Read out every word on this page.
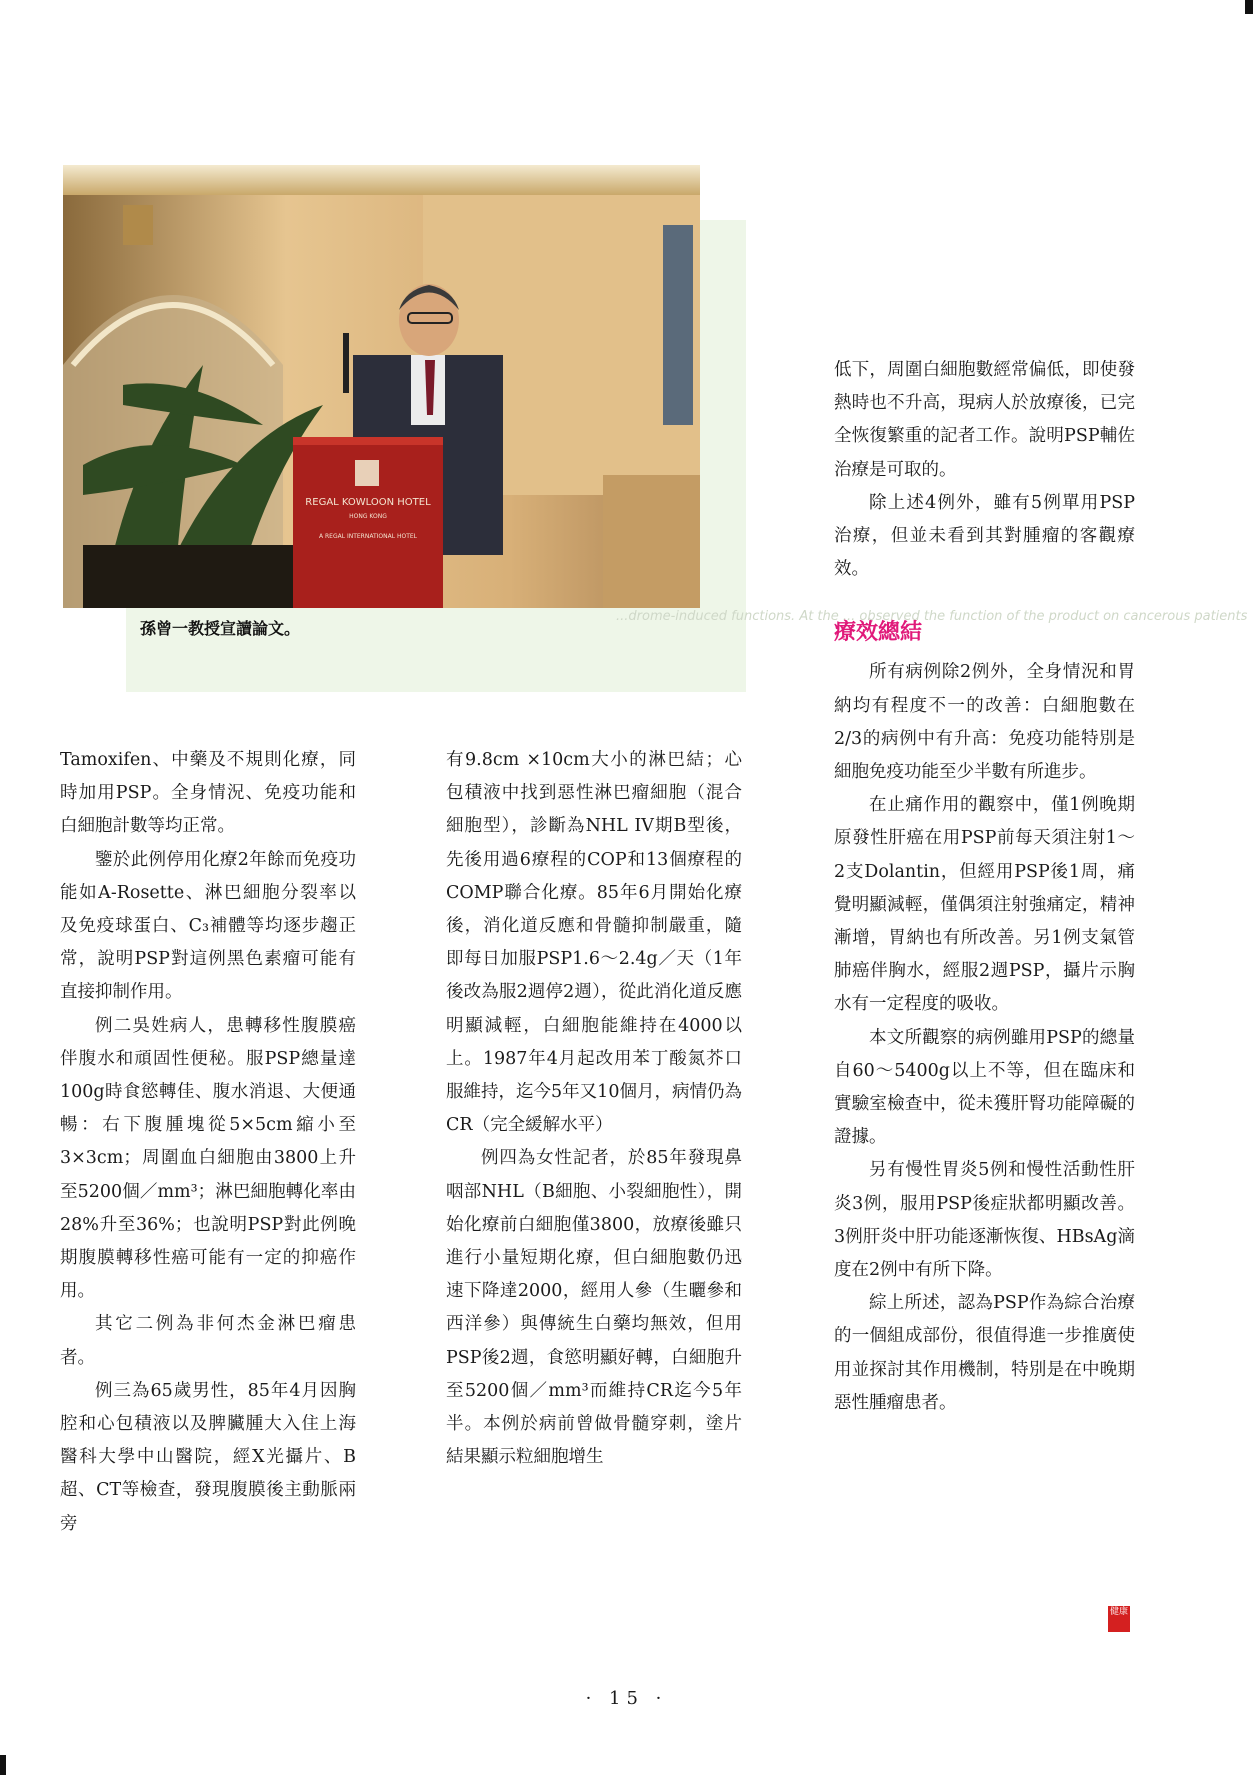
REGAL KOWLOON HOTEL
HONG KONG
A REGAL INTERNATIONAL HOTEL
孫曾一教授宣讀論文。
...drome-induced functions. At the ... observed the function of the product on cancerous patients

Tamoxifen、中藥及不規則化療，同時加用PSP。全身情況、免疫功能和白細胞計數等均正常。

鑒於此例停用化療2年餘而免疫功能如A-Rosette、淋巴細胞分裂率以及免疫球蛋白、C₃補體等均逐步趨正常，說明PSP對這例黑色素瘤可能有直接抑制作用。

例二吳姓病人，患轉移性腹膜癌伴腹水和頑固性便秘。服PSP總量達100g時食慾轉佳、腹水消退、大便通暢：右下腹腫塊從5×5cm縮小至3×3cm；周圍血白細胞由3800上升至5200個／mm³；淋巴細胞轉化率由28%升至36%；也說明PSP對此例晚期腹膜轉移性癌可能有一定的抑癌作用。

其它二例為非何杰金淋巴瘤患者。

例三為65歲男性，85年4月因胸腔和心包積液以及脾臟腫大入住上海醫科大學中山醫院，經X光攝片、B超、CT等檢查，發現腹膜後主動脈兩旁

有9.8cm ×10cm大小的淋巴結；心包積液中找到惡性淋巴瘤細胞（混合細胞型），診斷為NHL IV期B型後，先後用過6療程的COP和13個療程的COMP聯合化療。85年6月開始化療後，消化道反應和骨髓抑制嚴重，隨即每日加服PSP1.6～2.4g／天（1年後改為服2週停2週），從此消化道反應明顯減輕，白細胞能維持在4000以上。1987年4月起改用苯丁酸氮芥口服維持，迄今5年又10個月，病情仍為CR（完全緩解水平）

例四為女性記者，於85年發現鼻咽部NHL（B細胞、小裂細胞性），開始化療前白細胞僅3800，放療後雖只進行小量短期化療，但白細胞數仍迅速下降達2000，經用人參（生曬參和西洋參）與傳統生白藥均無效，但用PSP後2週，食慾明顯好轉，白細胞升至5200個／mm³而維持CR迄今5年半。本例於病前曾做骨髓穿刺，塗片結果顯示粒細胞增生

低下，周圍白細胞數經常偏低，即使發熱時也不升高，現病人於放療後，已完全恢復繁重的記者工作。說明PSP輔佐治療是可取的。

除上述4例外，雖有5例單用PSP治療，但並未看到其對腫瘤的客觀療效。

療效總結

所有病例除2例外，全身情況和胃納均有程度不一的改善：白細胞數在2/3的病例中有升高：免疫功能特別是細胞免疫功能至少半數有所進步。

在止痛作用的觀察中，僅1例晚期原發性肝癌在用PSP前每天須注射1～2支Dolantin，但經用PSP後1周，痛覺明顯減輕，僅偶須注射強痛定，精神漸增，胃納也有所改善。另1例支氣管肺癌伴胸水，經服2週PSP，攝片示胸水有一定程度的吸收。

本文所觀察的病例雖用PSP的總量自60～5400g以上不等，但在臨床和實驗室檢查中，從未獲肝腎功能障礙的證據。

另有慢性胃炎5例和慢性活動性肝炎3例，服用PSP後症狀都明顯改善。3例肝炎中肝功能逐漸恢復、HBsAg滴度在2例中有所下降。

綜上所述，認為PSP作為綜合治療的一個組成部份，很值得進一步推廣使用並探討其作用機制，特別是在中晚期惡性腫瘤患者。

健康
· 15 ·
